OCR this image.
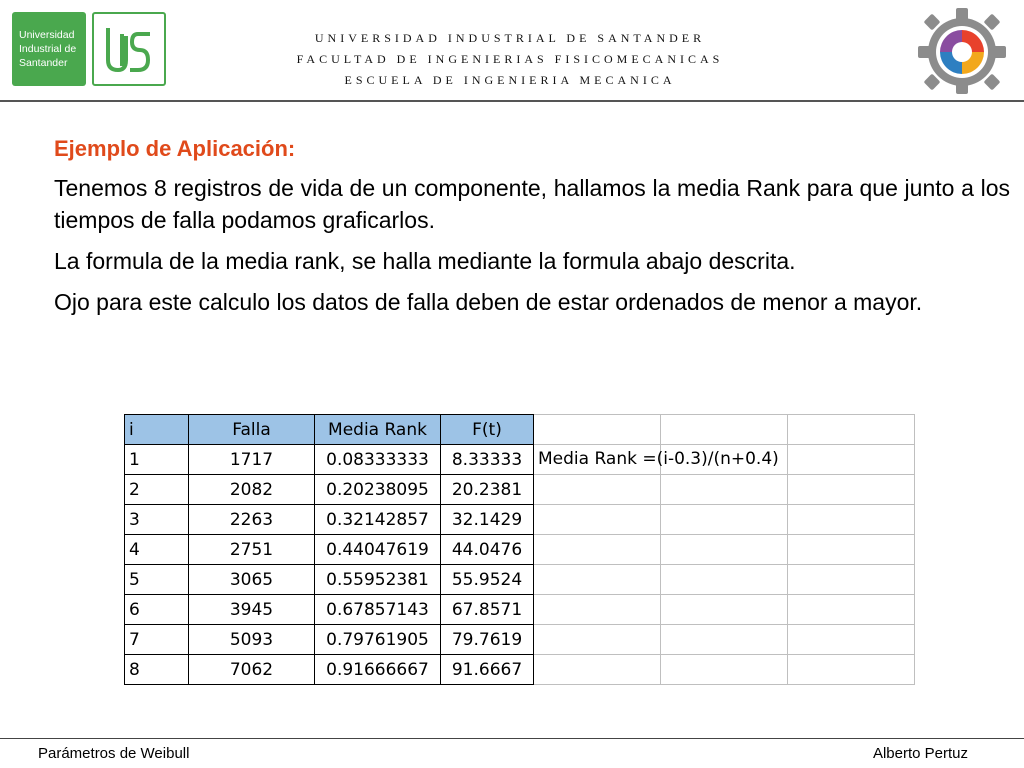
Universidad
Industrial de
Santander
UNIVERSIDAD INDUSTRIAL DE SANTANDER
FACULTAD DE INGENIERIAS FISICOMECANICAS
ESCUELA DE INGENIERIA MECANICA

Ejemplo de Aplicación:

Tenemos 8 registros de vida de un componente, hallamos la media Rank para que junto a los tiempos de falla podamos graficarlos.

La formula de la media rank, se halla mediante la formula abajo descrita.

Ojo para este calculo los datos de falla deben de estar ordenados de menor a mayor.

i	Falla	Media Rank	F(t)			
1	1717	0.08333333	8.33333	Media Rank =(i-0.3)/(n+0.4)		

2	2082	0.20238095	20.2381			
3	2263	0.32142857	32.1429			
4	2751	0.44047619	44.0476			
5	3065	0.55952381	55.9524			
6	3945	0.67857143	67.8571			
7	5093	0.79761905	79.7619			
8	7062	0.91666667	91.6667			
Parámetros de Weibull	Alberto Pertuz
